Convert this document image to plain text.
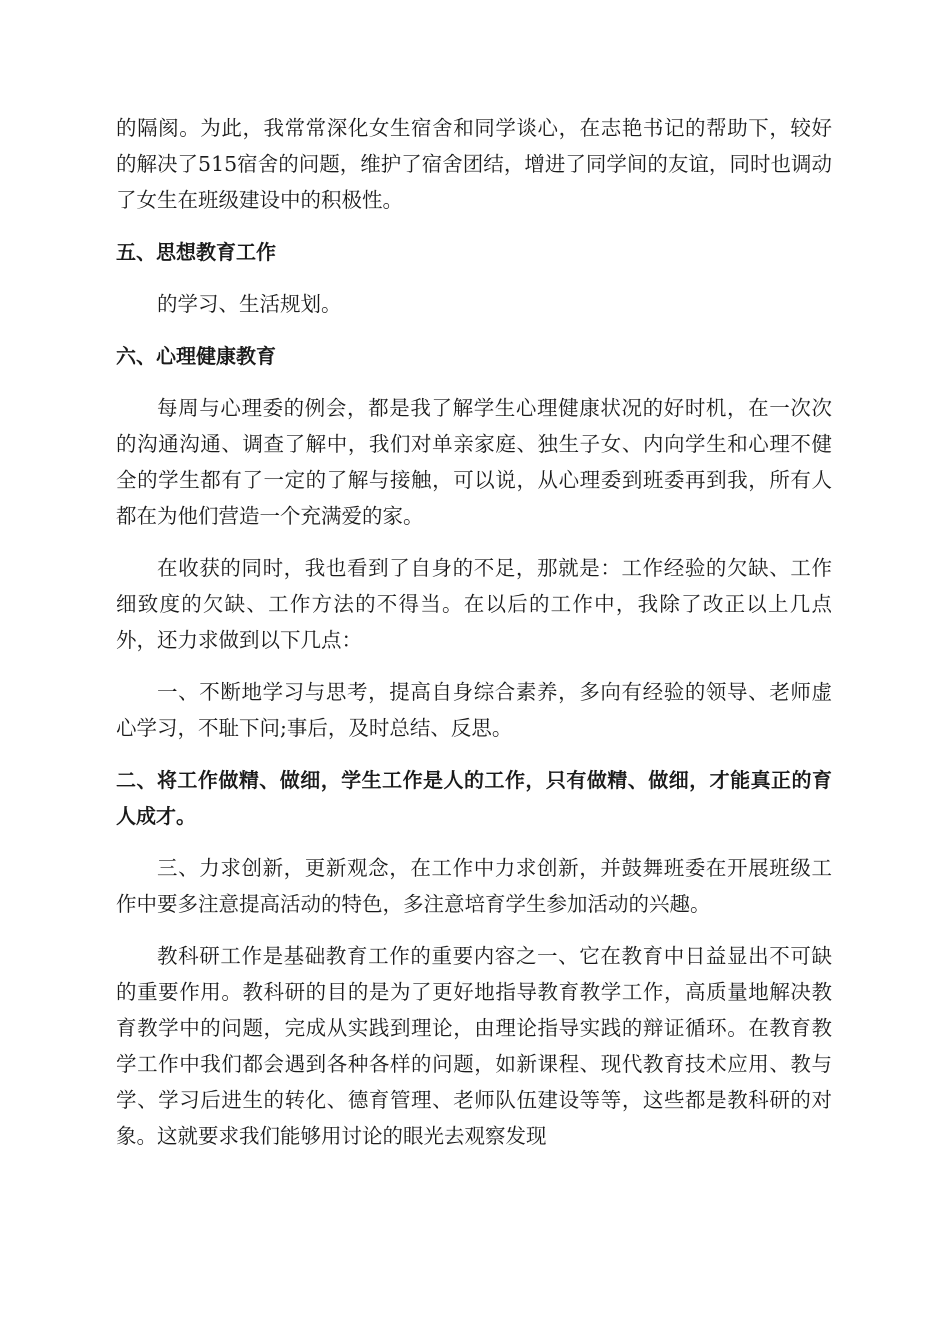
的隔阂。为此，我常常深化女生宿舍和同学谈心，在志艳书记的帮助下，较好的解决了515宿舍的问题，维护了宿舍团结，增进了同学间的友谊，同时也调动了女生在班级建设中的积极性。

五、思想教育工作

的学习、生活规划。

六、心理健康教育

每周与心理委的例会，都是我了解学生心理健康状况的好时机，在一次次的沟通沟通、调查了解中，我们对单亲家庭、独生子女、内向学生和心理不健全的学生都有了一定的了解与接触，可以说，从心理委到班委再到我，所有人都在为他们营造一个充满爱的家。

在收获的同时，我也看到了自身的不足，那就是：工作经验的欠缺、工作细致度的欠缺、工作方法的不得当。在以后的工作中，我除了改正以上几点外，还力求做到以下几点：

一、不断地学习与思考，提高自身综合素养，多向有经验的领导、老师虚心学习，不耻下问;事后，及时总结、反思。

二、将工作做精、做细，学生工作是人的工作，只有做精、做细，才能真正的育人成才。

三、力求创新，更新观念，在工作中力求创新，并鼓舞班委在开展班级工作中要多注意提高活动的特色，多注意培育学生参加活动的兴趣。

教科研工作是基础教育工作的重要内容之一、它在教育中日益显出不可缺的重要作用。教科研的目的是为了更好地指导教育教学工作，高质量地解决教育教学中的问题，完成从实践到理论，由理论指导实践的辩证循环。在教育教学工作中我们都会遇到各种各样的问题，如新课程、现代教育技术应用、教与学、学习后进生的转化、德育管理、老师队伍建设等等，这些都是教科研的对象。这就要求我们能够用讨论的眼光去观察发现
